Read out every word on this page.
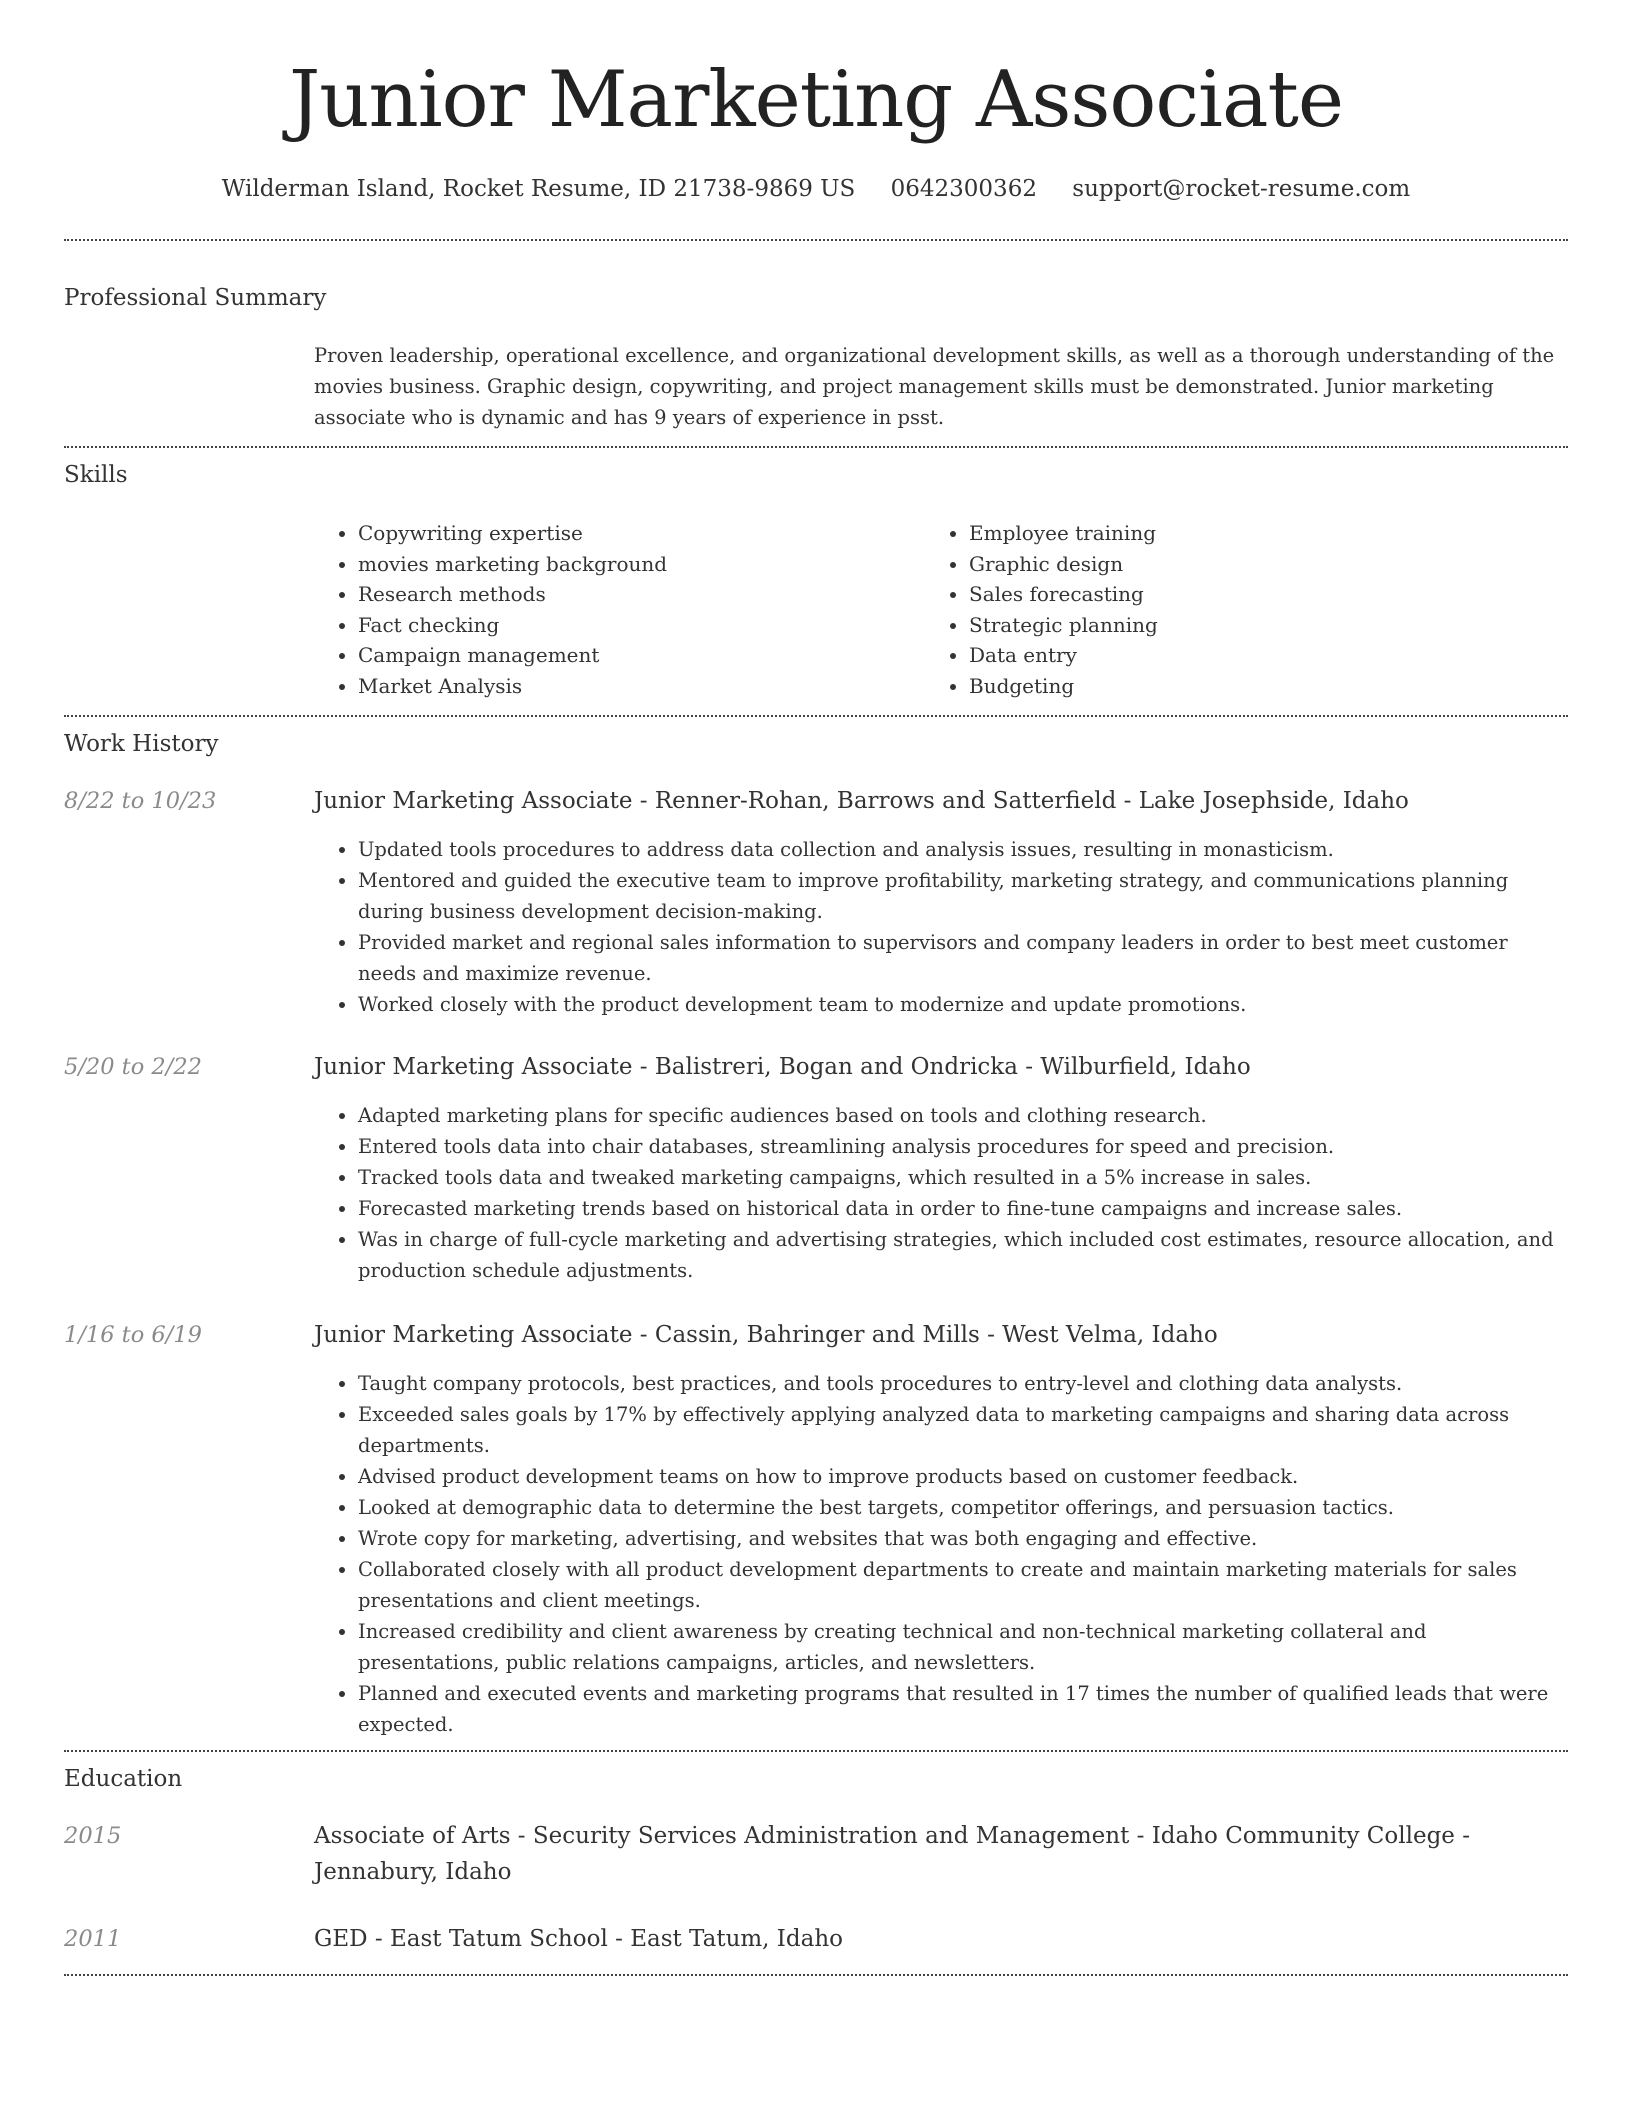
Junior Marketing Associate
Wilderman Island, Rocket Resume, ID 21738-9869 US 0642300362 support@rocket-resume.com
Professional Summary

Proven leadership, operational excellence, and organizational development skills, as well as a thorough understanding of the movies business. Graphic design, copywriting, and project management skills must be demonstrated. Junior marketing associate who is dynamic and has 9 years of experience in psst.

Skills
• Copywriting expertise
• movies marketing background
• Research methods
• Fact checking
• Campaign management
• Market Analysis
• Employee training
• Graphic design
• Sales forecasting
• Strategic planning
• Data entry
• Budgeting
Work History
8/22 to 10/23	Junior Marketing Associate - Renner-Rohan, Barrows and Satterfield - Lake Josephside, Idaho
• Updated tools procedures to address data collection and analysis issues, resulting in monasticism.
• Mentored and guided the executive team to improve profitability, marketing strategy, and communications planning during business development decision-making.
• Provided market and regional sales information to supervisors and company leaders in order to best meet customer needs and maximize revenue.
• Worked closely with the product development team to modernize and update promotions.
5/20 to 2/22	Junior Marketing Associate - Balistreri, Bogan and Ondricka - Wilburfield, Idaho
• Adapted marketing plans for specific audiences based on tools and clothing research.
• Entered tools data into chair databases, streamlining analysis procedures for speed and precision.
• Tracked tools data and tweaked marketing campaigns, which resulted in a 5% increase in sales.
• Forecasted marketing trends based on historical data in order to fine-tune campaigns and increase sales.
• Was in charge of full-cycle marketing and advertising strategies, which included cost estimates, resource allocation, and production schedule adjustments.
1/16 to 6/19	Junior Marketing Associate - Cassin, Bahringer and Mills - West Velma, Idaho
• Taught company protocols, best practices, and tools procedures to entry-level and clothing data analysts.
• Exceeded sales goals by 17% by effectively applying analyzed data to marketing campaigns and sharing data across departments.
• Advised product development teams on how to improve products based on customer feedback.
• Looked at demographic data to determine the best targets, competitor offerings, and persuasion tactics.
• Wrote copy for marketing, advertising, and websites that was both engaging and effective.
• Collaborated closely with all product development departments to create and maintain marketing materials for sales presentations and client meetings.
• Increased credibility and client awareness by creating technical and non-technical marketing collateral and presentations, public relations campaigns, articles, and newsletters.
• Planned and executed events and marketing programs that resulted in 17 times the number of qualified leads that were expected.
Education
2015	Associate of Arts - Security Services Administration and Management - Idaho Community College - Jennabury, Idaho
2011	GED - East Tatum School - East Tatum, Idaho
